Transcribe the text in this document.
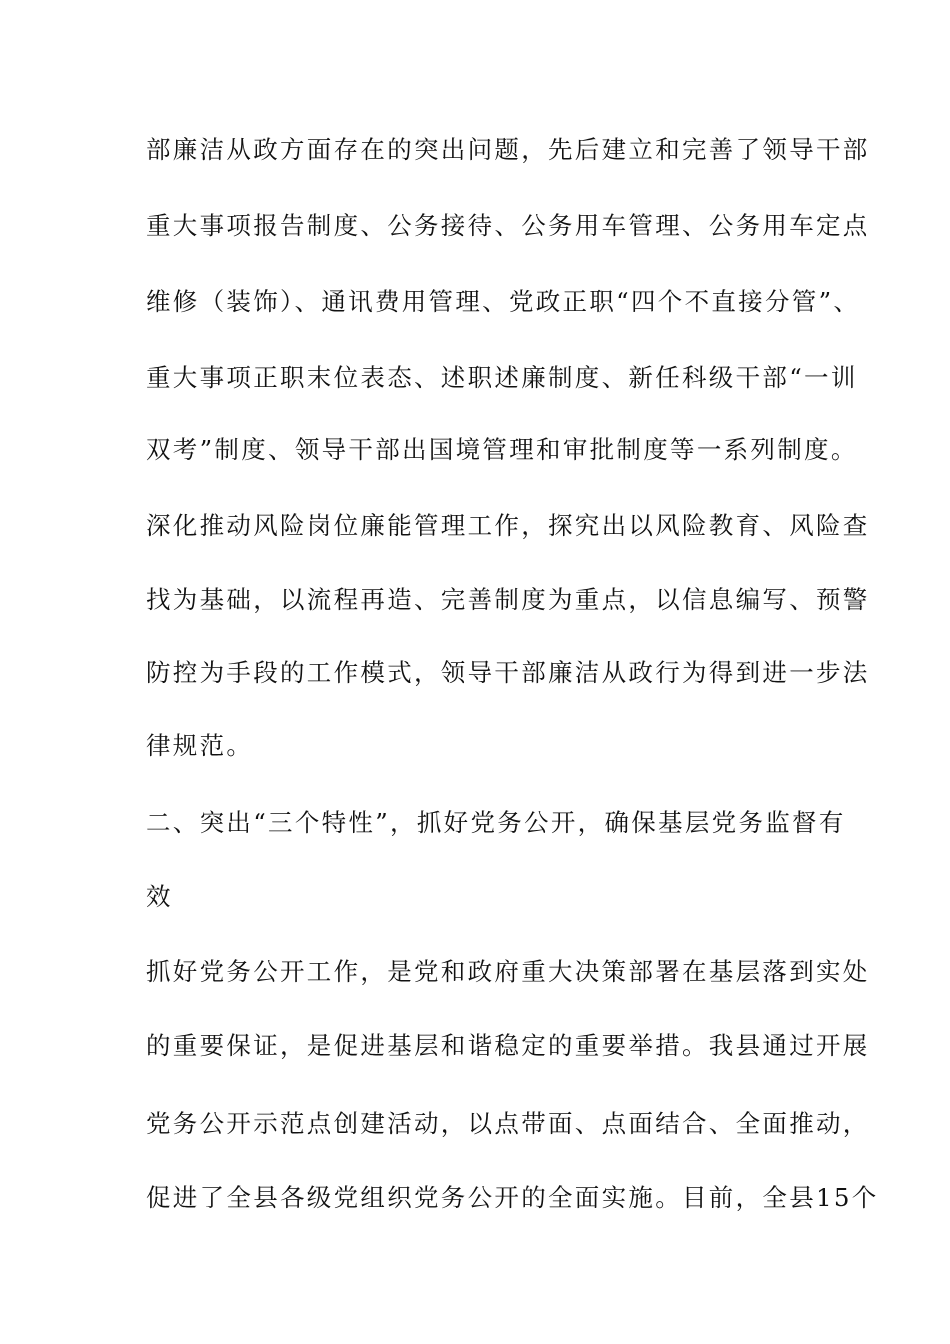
部廉洁从政方面存在的突出问题，先后建立和完善了领导干部
重大事项报告制度、公务接待、公务用车管理、公务用车定点
维修（装饰）、通讯费用管理、党政正职“四个不直接分管”、
重大事项正职末位表态、述职述廉制度、新任科级干部“一训
双考”制度、领导干部出国境管理和审批制度等一系列制度。
深化推动风险岗位廉能管理工作，探究出以风险教育、风险查
找为基础，以流程再造、完善制度为重点，以信息编写、预警
防控为手段的工作模式，领导干部廉洁从政行为得到进一步法
律规范。
二、突出“三个特性”，抓好党务公开，确保基层党务监督有
效
抓好党务公开工作，是党和政府重大决策部署在基层落到实处
的重要保证，是促进基层和谐稳定的重要举措。我县通过开展
党务公开示范点创建活动，以点带面、点面结合、全面推动，
促进了全县各级党组织党务公开的全面实施。目前，全县15个
